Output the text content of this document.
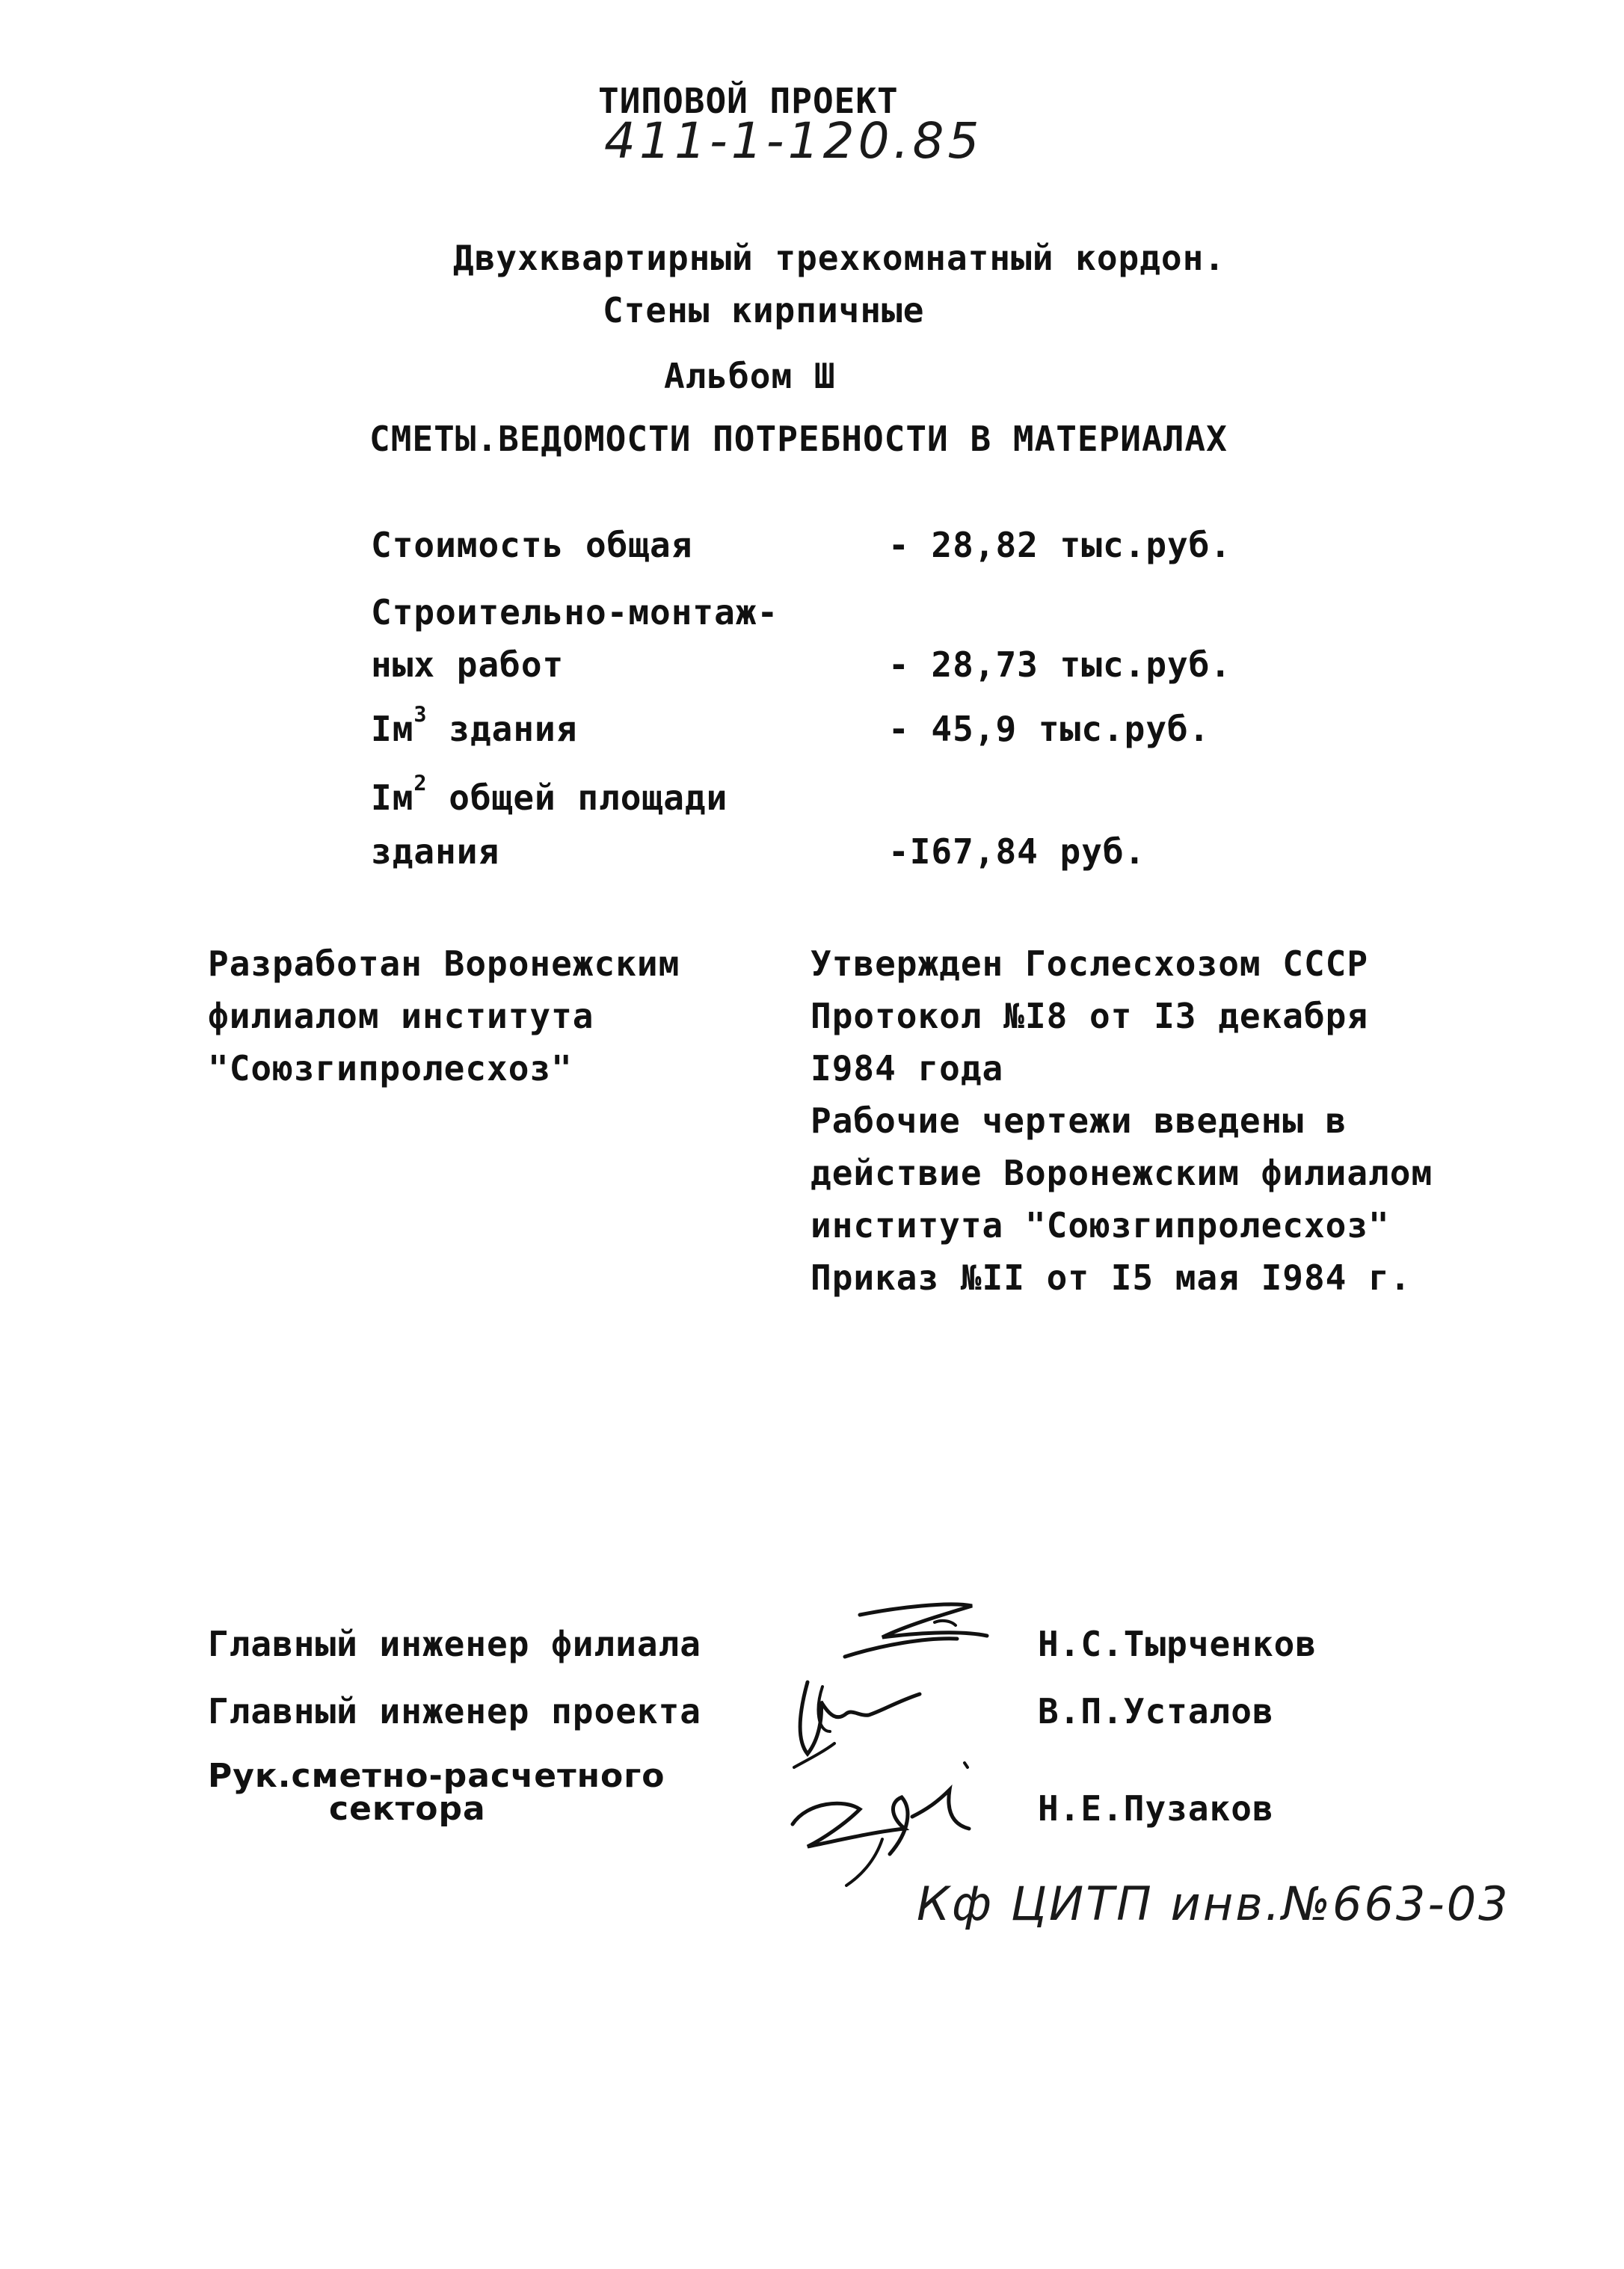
ТИПОВОЙ ПРОЕКТ
411-1-120.85
Двухквартирный трехкомнатный кордон.
Стены кирпичные
Альбом Ш
СМЕТЫ.ВЕДОМОСТИ ПОТРЕБНОСТИ В МАТЕРИАЛАХ
Стоимость общая	- 28,82 тыс.руб.
Строительно-монтаж-
ных работ	- 28,73 тыс.руб.
$Iм^3$ здания	- 45,9 тыс.руб.
$Iм^2$ общей площади
здания	-I67,84 руб.
Разработан Воронежским
филиалом института
"Союзгипролесхоз"
Утвержден Гослесхозом СССР
Протокол №I8 от I3 декабря
I984 года
Рабочие чертежи введены в
действие Воронежским филиалом
института "Союзгипролесхоз"
Приказ №II от I5 мая I984 г.
Главный инженер филиала	Н.С.Тырченков
Главный инженер проекта	В.П.Усталов
Рук.сметно-расчетного
сектора	Н.Е.Пузаков
Кф ЦИТП инв.№663-03
